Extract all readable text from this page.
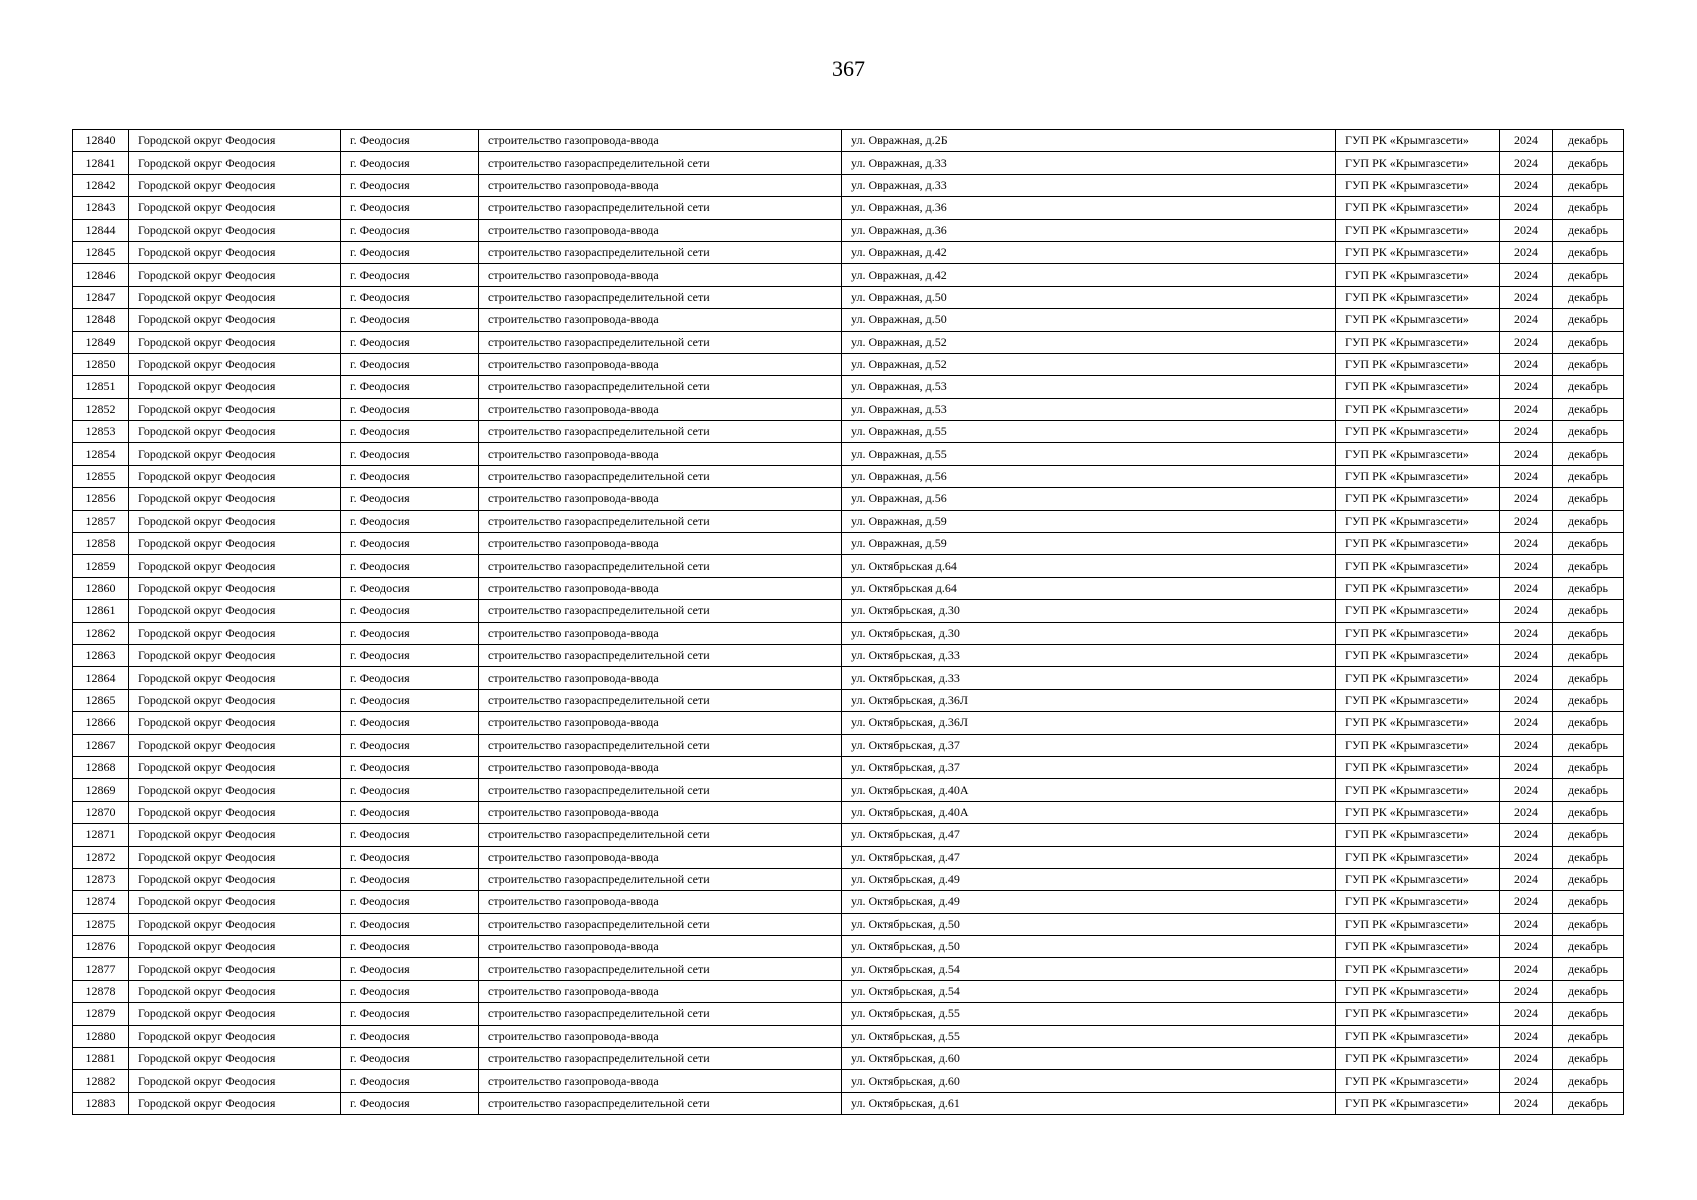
367
12840	Городской округ Феодосия	г. Феодосия	строительство газопровода-ввода	ул. Овражная, д.2Б	ГУП РК «Крымгазсети»	2024	декабрь
12841	Городской округ Феодосия	г. Феодосия	строительство газораспределительной сети	ул. Овражная, д.33	ГУП РК «Крымгазсети»	2024	декабрь
12842	Городской округ Феодосия	г. Феодосия	строительство газопровода-ввода	ул. Овражная, д.33	ГУП РК «Крымгазсети»	2024	декабрь
12843	Городской округ Феодосия	г. Феодосия	строительство газораспределительной сети	ул. Овражная, д.36	ГУП РК «Крымгазсети»	2024	декабрь
12844	Городской округ Феодосия	г. Феодосия	строительство газопровода-ввода	ул. Овражная, д.36	ГУП РК «Крымгазсети»	2024	декабрь
12845	Городской округ Феодосия	г. Феодосия	строительство газораспределительной сети	ул. Овражная, д.42	ГУП РК «Крымгазсети»	2024	декабрь
12846	Городской округ Феодосия	г. Феодосия	строительство газопровода-ввода	ул. Овражная, д.42	ГУП РК «Крымгазсети»	2024	декабрь
12847	Городской округ Феодосия	г. Феодосия	строительство газораспределительной сети	ул. Овражная, д.50	ГУП РК «Крымгазсети»	2024	декабрь
12848	Городской округ Феодосия	г. Феодосия	строительство газопровода-ввода	ул. Овражная, д.50	ГУП РК «Крымгазсети»	2024	декабрь
12849	Городской округ Феодосия	г. Феодосия	строительство газораспределительной сети	ул. Овражная, д.52	ГУП РК «Крымгазсети»	2024	декабрь
12850	Городской округ Феодосия	г. Феодосия	строительство газопровода-ввода	ул. Овражная, д.52	ГУП РК «Крымгазсети»	2024	декабрь
12851	Городской округ Феодосия	г. Феодосия	строительство газораспределительной сети	ул. Овражная, д.53	ГУП РК «Крымгазсети»	2024	декабрь
12852	Городской округ Феодосия	г. Феодосия	строительство газопровода-ввода	ул. Овражная, д.53	ГУП РК «Крымгазсети»	2024	декабрь
12853	Городской округ Феодосия	г. Феодосия	строительство газораспределительной сети	ул. Овражная, д.55	ГУП РК «Крымгазсети»	2024	декабрь
12854	Городской округ Феодосия	г. Феодосия	строительство газопровода-ввода	ул. Овражная, д.55	ГУП РК «Крымгазсети»	2024	декабрь
12855	Городской округ Феодосия	г. Феодосия	строительство газораспределительной сети	ул. Овражная, д.56	ГУП РК «Крымгазсети»	2024	декабрь
12856	Городской округ Феодосия	г. Феодосия	строительство газопровода-ввода	ул. Овражная, д.56	ГУП РК «Крымгазсети»	2024	декабрь
12857	Городской округ Феодосия	г. Феодосия	строительство газораспределительной сети	ул. Овражная, д.59	ГУП РК «Крымгазсети»	2024	декабрь
12858	Городской округ Феодосия	г. Феодосия	строительство газопровода-ввода	ул. Овражная, д.59	ГУП РК «Крымгазсети»	2024	декабрь
12859	Городской округ Феодосия	г. Феодосия	строительство газораспределительной сети	ул. Октябрьская д.64	ГУП РК «Крымгазсети»	2024	декабрь
12860	Городской округ Феодосия	г. Феодосия	строительство газопровода-ввода	ул. Октябрьская д.64	ГУП РК «Крымгазсети»	2024	декабрь
12861	Городской округ Феодосия	г. Феодосия	строительство газораспределительной сети	ул. Октябрьская, д.30	ГУП РК «Крымгазсети»	2024	декабрь
12862	Городской округ Феодосия	г. Феодосия	строительство газопровода-ввода	ул. Октябрьская, д.30	ГУП РК «Крымгазсети»	2024	декабрь
12863	Городской округ Феодосия	г. Феодосия	строительство газораспределительной сети	ул. Октябрьская, д.33	ГУП РК «Крымгазсети»	2024	декабрь
12864	Городской округ Феодосия	г. Феодосия	строительство газопровода-ввода	ул. Октябрьская, д.33	ГУП РК «Крымгазсети»	2024	декабрь
12865	Городской округ Феодосия	г. Феодосия	строительство газораспределительной сети	ул. Октябрьская, д.36Л	ГУП РК «Крымгазсети»	2024	декабрь
12866	Городской округ Феодосия	г. Феодосия	строительство газопровода-ввода	ул. Октябрьская, д.36Л	ГУП РК «Крымгазсети»	2024	декабрь
12867	Городской округ Феодосия	г. Феодосия	строительство газораспределительной сети	ул. Октябрьская, д.37	ГУП РК «Крымгазсети»	2024	декабрь
12868	Городской округ Феодосия	г. Феодосия	строительство газопровода-ввода	ул. Октябрьская, д.37	ГУП РК «Крымгазсети»	2024	декабрь
12869	Городской округ Феодосия	г. Феодосия	строительство газораспределительной сети	ул. Октябрьская, д.40А	ГУП РК «Крымгазсети»	2024	декабрь
12870	Городской округ Феодосия	г. Феодосия	строительство газопровода-ввода	ул. Октябрьская, д.40А	ГУП РК «Крымгазсети»	2024	декабрь
12871	Городской округ Феодосия	г. Феодосия	строительство газораспределительной сети	ул. Октябрьская, д.47	ГУП РК «Крымгазсети»	2024	декабрь
12872	Городской округ Феодосия	г. Феодосия	строительство газопровода-ввода	ул. Октябрьская, д.47	ГУП РК «Крымгазсети»	2024	декабрь
12873	Городской округ Феодосия	г. Феодосия	строительство газораспределительной сети	ул. Октябрьская, д.49	ГУП РК «Крымгазсети»	2024	декабрь
12874	Городской округ Феодосия	г. Феодосия	строительство газопровода-ввода	ул. Октябрьская, д.49	ГУП РК «Крымгазсети»	2024	декабрь
12875	Городской округ Феодосия	г. Феодосия	строительство газораспределительной сети	ул. Октябрьская, д.50	ГУП РК «Крымгазсети»	2024	декабрь
12876	Городской округ Феодосия	г. Феодосия	строительство газопровода-ввода	ул. Октябрьская, д.50	ГУП РК «Крымгазсети»	2024	декабрь
12877	Городской округ Феодосия	г. Феодосия	строительство газораспределительной сети	ул. Октябрьская, д.54	ГУП РК «Крымгазсети»	2024	декабрь
12878	Городской округ Феодосия	г. Феодосия	строительство газопровода-ввода	ул. Октябрьская, д.54	ГУП РК «Крымгазсети»	2024	декабрь
12879	Городской округ Феодосия	г. Феодосия	строительство газораспределительной сети	ул. Октябрьская, д.55	ГУП РК «Крымгазсети»	2024	декабрь
12880	Городской округ Феодосия	г. Феодосия	строительство газопровода-ввода	ул. Октябрьская, д.55	ГУП РК «Крымгазсети»	2024	декабрь
12881	Городской округ Феодосия	г. Феодосия	строительство газораспределительной сети	ул. Октябрьская, д.60	ГУП РК «Крымгазсети»	2024	декабрь
12882	Городской округ Феодосия	г. Феодосия	строительство газопровода-ввода	ул. Октябрьская, д.60	ГУП РК «Крымгазсети»	2024	декабрь
12883	Городской округ Феодосия	г. Феодосия	строительство газораспределительной сети	ул. Октябрьская, д.61	ГУП РК «Крымгазсети»	2024	декабрь
